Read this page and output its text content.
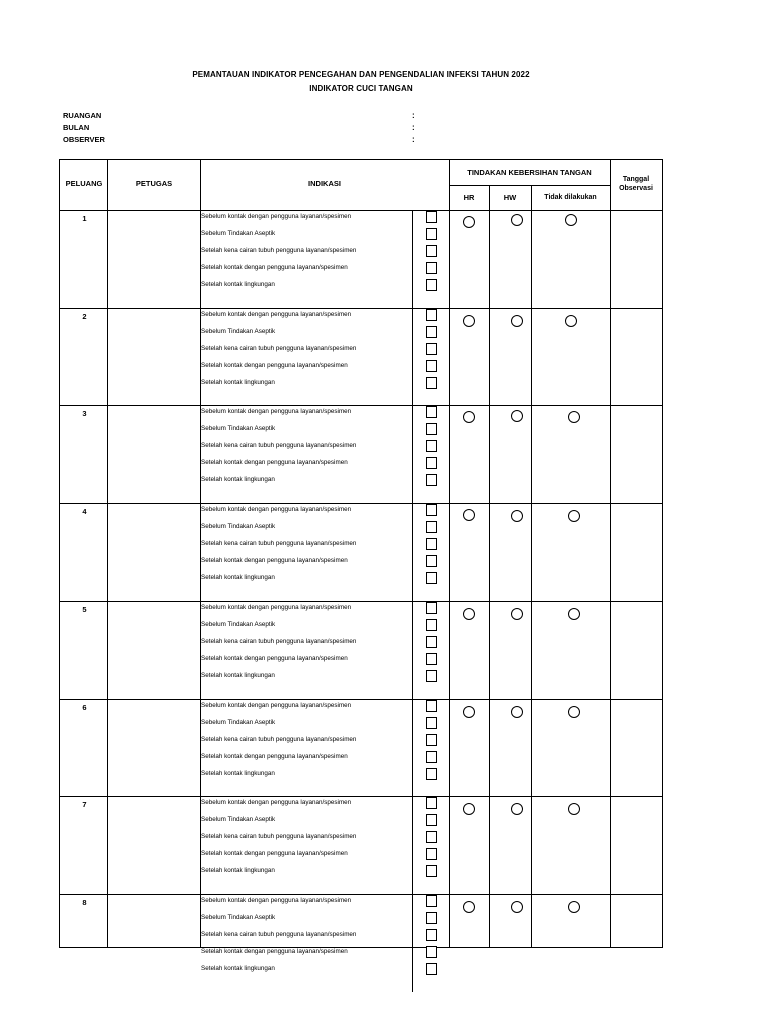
PEMANTAUAN INDIKATOR PENCEGAHAN DAN PENGENDALIAN INFEKSI TAHUN 2022
INDIKATOR CUCI TANGAN
RUANGAN	:
BULAN	:
OBSERVER	:
PELUANG	PETUGAS	INDIKASI
TINDAKAN KEBERSIHAN TANGAN
HR	HW	Tidak dilakukan
Tanggal
Observasi
1	Sebelum kontak dengan pengguna layanan/spesimen
Sebelum Tindakan Aseptik
Setelah kena cairan tubuh pengguna layanan/spesimen
Setelah kontak dengan pengguna layanan/spesimen
Setelah kontak lingkungan
2	Sebelum kontak dengan pengguna layanan/spesimen
Sebelum Tindakan Aseptik
Setelah kena cairan tubuh pengguna layanan/spesimen
Setelah kontak dengan pengguna layanan/spesimen
Setelah kontak lingkungan
3	Sebelum kontak dengan pengguna layanan/spesimen
Sebelum Tindakan Aseptik
Setelah kena cairan tubuh pengguna layanan/spesimen
Setelah kontak dengan pengguna layanan/spesimen
Setelah kontak lingkungan
4	Sebelum kontak dengan pengguna layanan/spesimen
Sebelum Tindakan Aseptik
Setelah kena cairan tubuh pengguna layanan/spesimen
Setelah kontak dengan pengguna layanan/spesimen
Setelah kontak lingkungan
5	Sebelum kontak dengan pengguna layanan/spesimen
Sebelum Tindakan Aseptik
Setelah kena cairan tubuh pengguna layanan/spesimen
Setelah kontak dengan pengguna layanan/spesimen
Setelah kontak lingkungan
6	Sebelum kontak dengan pengguna layanan/spesimen
Sebelum Tindakan Aseptik
Setelah kena cairan tubuh pengguna layanan/spesimen
Setelah kontak dengan pengguna layanan/spesimen
Setelah kontak lingkungan
7	Sebelum kontak dengan pengguna layanan/spesimen
Sebelum Tindakan Aseptik
Setelah kena cairan tubuh pengguna layanan/spesimen
Setelah kontak dengan pengguna layanan/spesimen
Setelah kontak lingkungan
8	Sebelum kontak dengan pengguna layanan/spesimen
Sebelum Tindakan Aseptik
Setelah kena cairan tubuh pengguna layanan/spesimen
Setelah kontak dengan pengguna layanan/spesimen
Setelah kontak lingkungan
